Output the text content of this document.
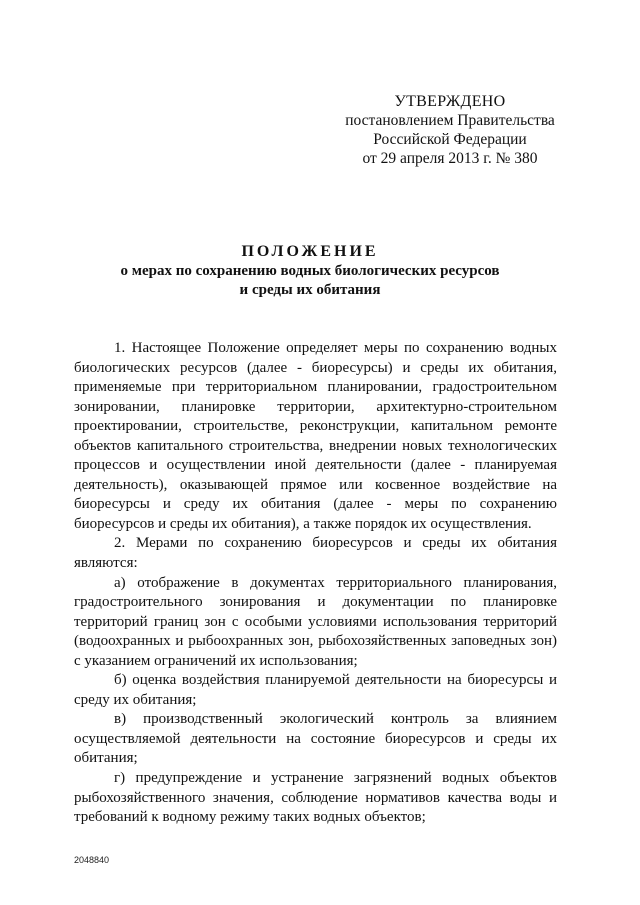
УТВЕРЖДЕНО
постановлением Правительства
Российской Федерации
от 29 апреля 2013 г. № 380
ПОЛОЖЕНИЕ
о мерах по сохранению водных биологических ресурсов
и среды их обитания

1. Настоящее Положение определяет меры по сохранению водных биологических ресурсов (далее - биоресурсы) и среды их обитания, применяемые при территориальном планировании, градостроительном зонировании, планировке территории, архитектурно-строительном проектировании, строительстве, реконструкции, капитальном ремонте объектов капитального строительства, внедрении новых технологических процессов и осуществлении иной деятельности (далее - планируемая деятельность), оказывающей прямое или косвенное воздействие на биоресурсы и среду их обитания (далее - меры по сохранению биоресурсов и среды их обитания), а также порядок их осуществления.

2. Мерами по сохранению биоресурсов и среды их обитания являются:

а) отображение в документах территориального планирования, градостроительного зонирования и документации по планировке территорий границ зон с особыми условиями использования территорий (водоохранных и рыбоохранных зон, рыбохозяйственных заповедных зон) с указанием ограничений их использования;

б) оценка воздействия планируемой деятельности на биоресурсы и среду их обитания;

в) производственный экологический контроль за влиянием осуществляемой деятельности на состояние биоресурсов и среды их обитания;

г) предупреждение и устранение загрязнений водных объектов рыбохозяйственного значения, соблюдение нормативов качества воды и требований к водному режиму таких водных объектов;

2048840
